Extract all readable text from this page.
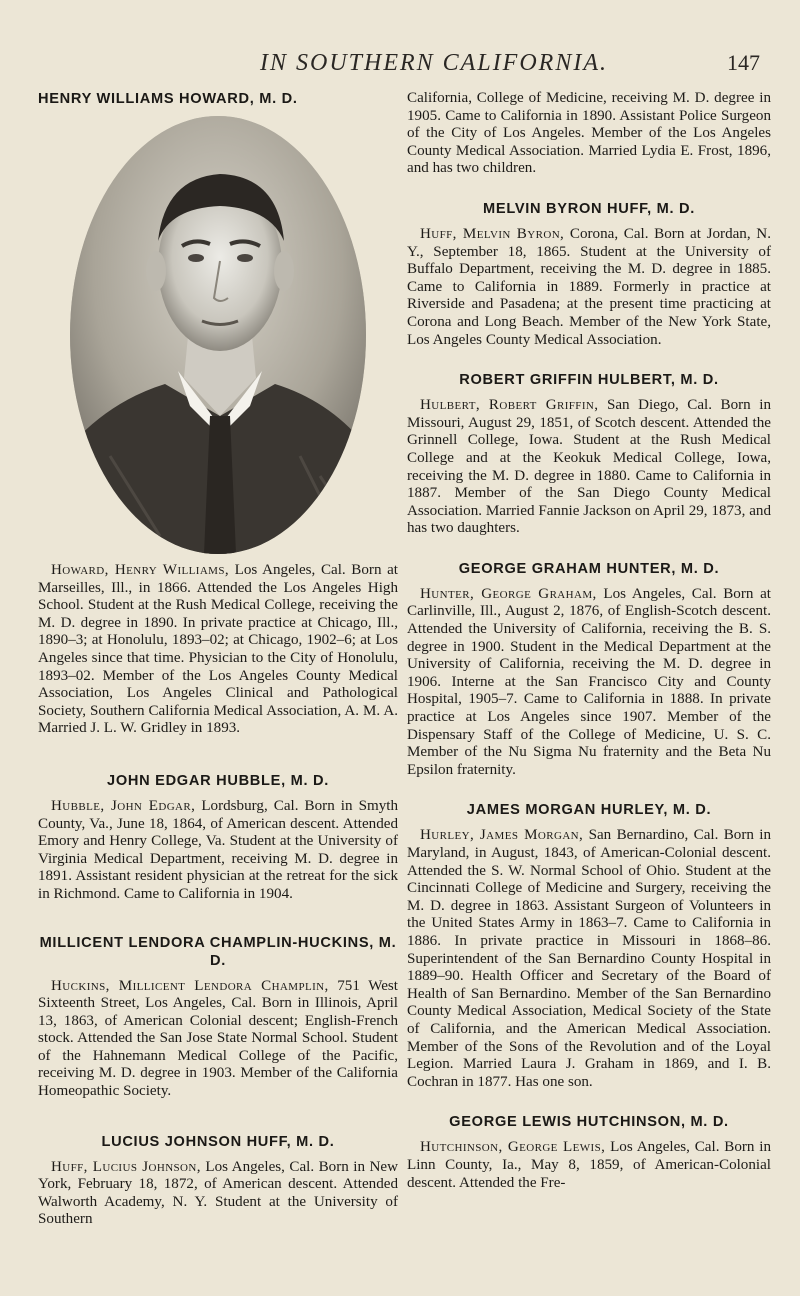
IN SOUTHERN CALIFORNIA.	147
HENRY WILLIAMS HOWARD, M. D.

Howard, Henry Williams, Los Angeles, Cal. Born at Marseilles, Ill., in 1866. Attended the Los Angeles High School. Student at the Rush Medical College, receiving the M. D. degree in 1890. In private practice at Chicago, Ill., 1890–3; at Honolulu, 1893–02; at Chicago, 1902–6; at Los Angeles since that time. Physician to the City of Honolulu, 1893–02. Member of the Los Angeles County Medical Association, Los Angeles Clinical and Pathological Society, Southern California Medical Association, A. M. A. Married J. L. W. Gridley in 1893.

JOHN EDGAR HUBBLE, M. D.

Hubble, John Edgar, Lordsburg, Cal. Born in Smyth County, Va., June 18, 1864, of American descent. Attended Emory and Henry College, Va. Student at the University of Virginia Medical Department, receiving M. D. degree in 1891. Assistant resident physician at the retreat for the sick in Richmond. Came to California in 1904.

MILLICENT LENDORA CHAMPLIN-HUCKINS, M. D.

Huckins, Millicent Lendora Champlin, 751 West Sixteenth Street, Los Angeles, Cal. Born in Illinois, April 13, 1863, of American Colonial descent; English-French stock. Attended the San Jose State Normal School. Student of the Hahnemann Medical College of the Pacific, receiving M. D. degree in 1903. Member of the California Homeopathic Society.

LUCIUS JOHNSON HUFF, M. D.

Huff, Lucius Johnson, Los Angeles, Cal. Born in New York, February 18, 1872, of American descent. Attended Walworth Academy, N. Y. Student at the University of Southern

California, College of Medicine, receiving M. D. degree in 1905. Came to California in 1890. Assistant Police Surgeon of the City of Los Angeles. Member of the Los Angeles County Medical Association. Married Lydia E. Frost, 1896, and has two children.

MELVIN BYRON HUFF, M. D.

Huff, Melvin Byron, Corona, Cal. Born at Jordan, N. Y., September 18, 1865. Student at the University of Buffalo Department, receiving the M. D. degree in 1885. Came to California in 1889. Formerly in practice at Riverside and Pasadena; at the present time practicing at Corona and Long Beach. Member of the New York State, Los Angeles County Medical Association.

ROBERT GRIFFIN HULBERT, M. D.

Hulbert, Robert Griffin, San Diego, Cal. Born in Missouri, August 29, 1851, of Scotch descent. Attended the Grinnell College, Iowa. Student at the Rush Medical College and at the Keokuk Medical College, Iowa, receiving the M. D. degree in 1880. Came to California in 1887. Member of the San Diego County Medical Association. Married Fannie Jackson on April 29, 1873, and has two daughters.

GEORGE GRAHAM HUNTER, M. D.

Hunter, George Graham, Los Angeles, Cal. Born at Carlinville, Ill., August 2, 1876, of English-Scotch descent. Attended the University of California, receiving the B. S. degree in 1900. Student in the Medical Department at the University of California, receiving the M. D. degree in 1906. Interne at the San Francisco City and County Hospital, 1905–7. Came to California in 1888. In private practice at Los Angeles since 1907. Member of the Dispensary Staff of the College of Medicine, U. S. C. Member of the Nu Sigma Nu fraternity and the Beta Nu Epsilon fraternity.

JAMES MORGAN HURLEY, M. D.

Hurley, James Morgan, San Bernardino, Cal. Born in Maryland, in August, 1843, of American-Colonial descent. Attended the S. W. Normal School of Ohio. Student at the Cincinnati College of Medicine and Surgery, receiving the M. D. degree in 1863. Assistant Surgeon of Volunteers in the United States Army in 1863–7. Came to California in 1886. In private practice in Missouri in 1868–86. Superintendent of the San Bernardino County Hospital in 1889–90. Health Officer and Secretary of the Board of Health of San Bernardino. Member of the San Bernardino County Medical Association, Medical Society of the State of California, and the American Medical Association. Member of the Sons of the Revolution and of the Loyal Legion. Married Laura J. Graham in 1869, and I. B. Cochran in 1877. Has one son.

GEORGE LEWIS HUTCHINSON, M. D.

Hutchinson, George Lewis, Los Angeles, Cal. Born in Linn County, Ia., May 8, 1859, of American-Colonial descent. Attended the Fre-
